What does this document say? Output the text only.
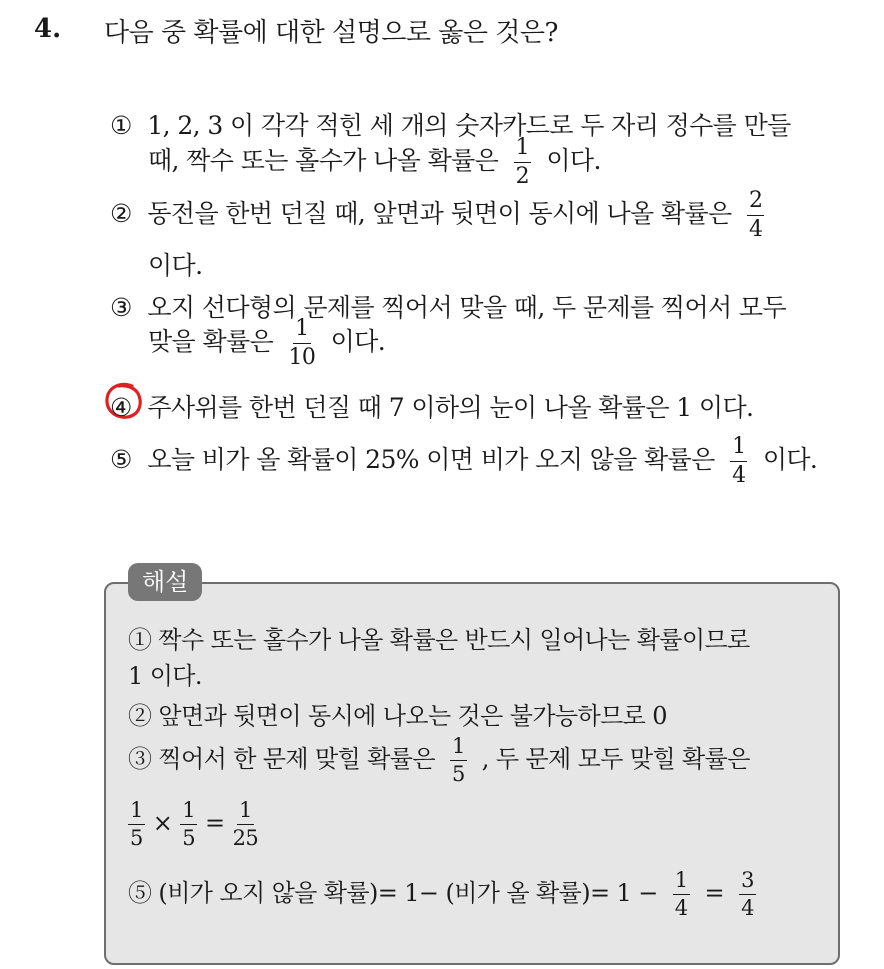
4. 다음 중 확률에 대한 설명으로 옳은 것은?
① 1, 2, 3 이 각각 적힌 세 개의 숫자카드로 두 자리 정수를 만들
때, 짝수 또는 홀수가 나올 확률은 $\frac{1}{2}$ 이다.
② 동전을 한번 던질 때, 앞면과 뒷면이 동시에 나올 확률은 $\frac{2}{4}$
이다.
③ 오지 선다형의 문제를 찍어서 맞을 때, 두 문제를 찍어서 모두
맞을 확률은 $\frac{1}{10}$ 이다.
④ 주사위를 한번 던질 때 7 이하의 눈이 나올 확률은 1 이다.
⑤ 오늘 비가 올 확률이 25% 이면 비가 오지 않을 확률은 $\frac{1}{4}$ 이다.
해설
① 짝수 또는 홀수가 나올 확률은 반드시 일어나는 확률이므로
1 이다.
② 앞면과 뒷면이 동시에 나오는 것은 불가능하므로 0
③ 찍어서 한 문제 맞힐 확률은 $\frac{1}{5}$ , 두 문제 모두 맞힐 확률은
$\frac{1}{5} \times \frac{1}{5} = \frac{1}{25}$
⑤ (비가 오지 않을 확률)= 1− (비가 올 확률)= $1 - \frac{1}{4} = \frac{3}{4}$
